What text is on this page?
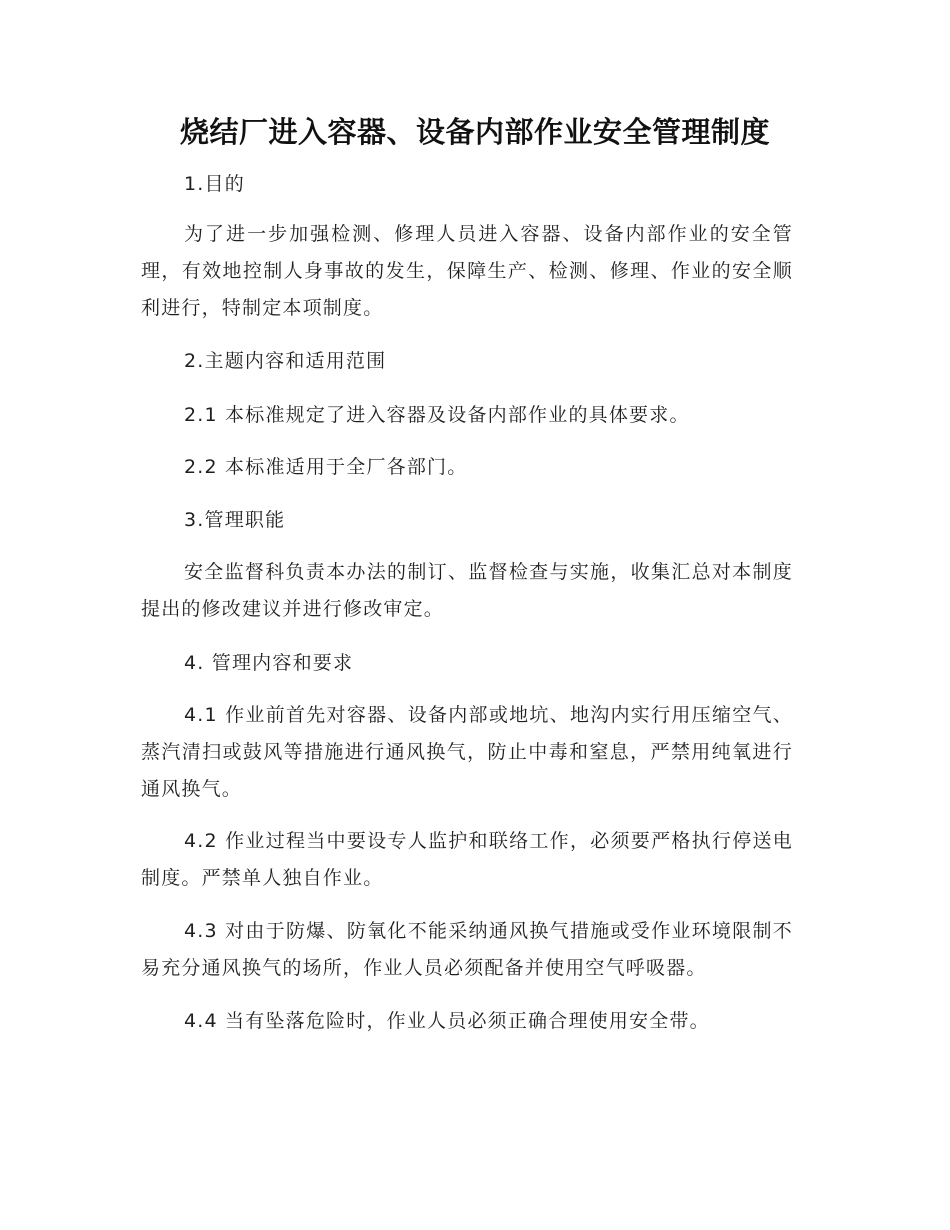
烧结厂进入容器、设备内部作业安全管理制度

1.目的

为了进一步加强检测、修理人员进入容器、设备内部作业的安全管理，有效地控制人身事故的发生，保障生产、检测、修理、作业的安全顺利进行，特制定本项制度。

2.主题内容和适用范围

2.1 本标准规定了进入容器及设备内部作业的具体要求。

2.2 本标准适用于全厂各部门。

3.管理职能

安全监督科负责本办法的制订、监督检查与实施，收集汇总对本制度提出的修改建议并进行修改审定。

4. 管理内容和要求

4.1 作业前首先对容器、设备内部或地坑、地沟内实行用压缩空气、蒸汽清扫或鼓风等措施进行通风换气，防止中毒和窒息，严禁用纯氧进行通风换气。

4.2 作业过程当中要设专人监护和联络工作，必须要严格执行停送电制度。严禁单人独自作业。

4.3 对由于防爆、防氧化不能采纳通风换气措施或受作业环境限制不易充分通风换气的场所，作业人员必须配备并使用空气呼吸器。

4.4 当有坠落危险时，作业人员必须正确合理使用安全带。
